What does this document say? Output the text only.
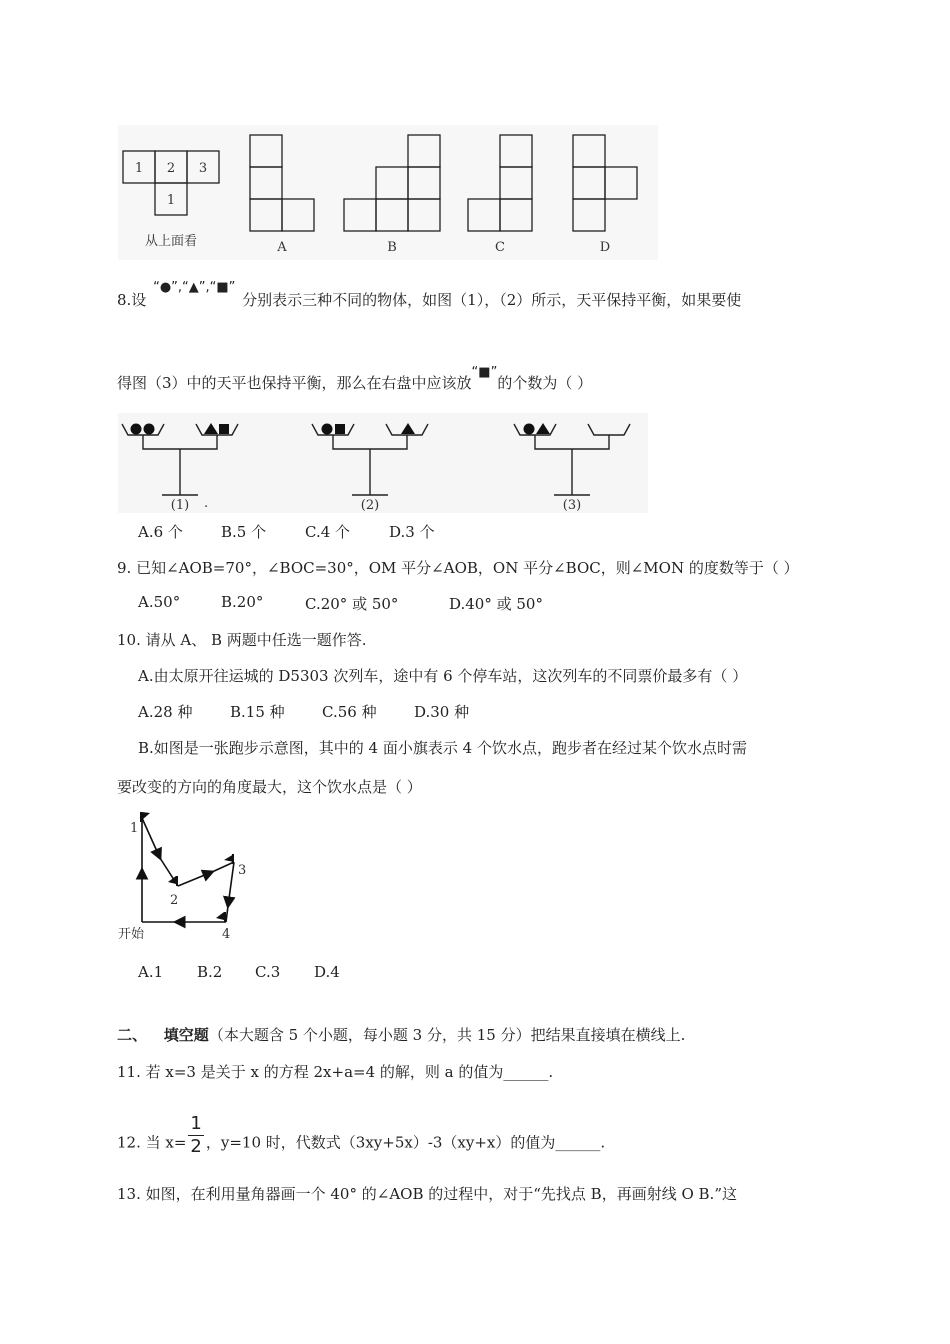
1 2 3
1
从上面看	A	B	C	D
8.设 “●”,“▲”,“■” 分别表示三种不同的物体，如图（1），（2）所示，天平保持平衡，如果要使
得图（3）中的天平也保持平衡，那么在右盘中应该放“■”的个数为（ ）
(1) .	(2)	(3)
A.6 个	B.5 个	C.4 个	D.3 个
9. 已知∠AOB=70°，∠BOC=30°，OM 平分∠AOB，ON 平分∠BOC，则∠MON 的度数等于（ ）
A.50°	B.20°	C.20° 或 50°	D.40° 或 50°
10. 请从 A、 B 两题中任选一题作答.
A.由太原开往运城的 D5303 次列车，途中有 6 个停车站，这次列车的不同票价最多有（ ）
A.28 种	B.15 种 C.56 种 D.30 种
B.如图是一张跑步示意图，其中的 4 面小旗表示 4 个饮水点，跑步者在经过某个饮水点时需
要改变的方向的角度最大，这个饮水点是（ ）
1
2
3
4
开始
A.1 B.2 C.3 D.4
二、 填空题（本大题含 5 个小题，每小题 3 分，共 15 分）把结果直接填在横线上.
11. 若 x=3 是关于 x 的方程 2x+a=4 的解，则 a 的值为______.
12. 当 $x= \frac{1}{2}$ ，y=10 时，代数式（3xy+5x）-3（xy+x）的值为______.
13. 如图，在利用量角器画一个 40° 的∠AOB 的过程中，对于“先找点 B，再画射线 O B.”这
